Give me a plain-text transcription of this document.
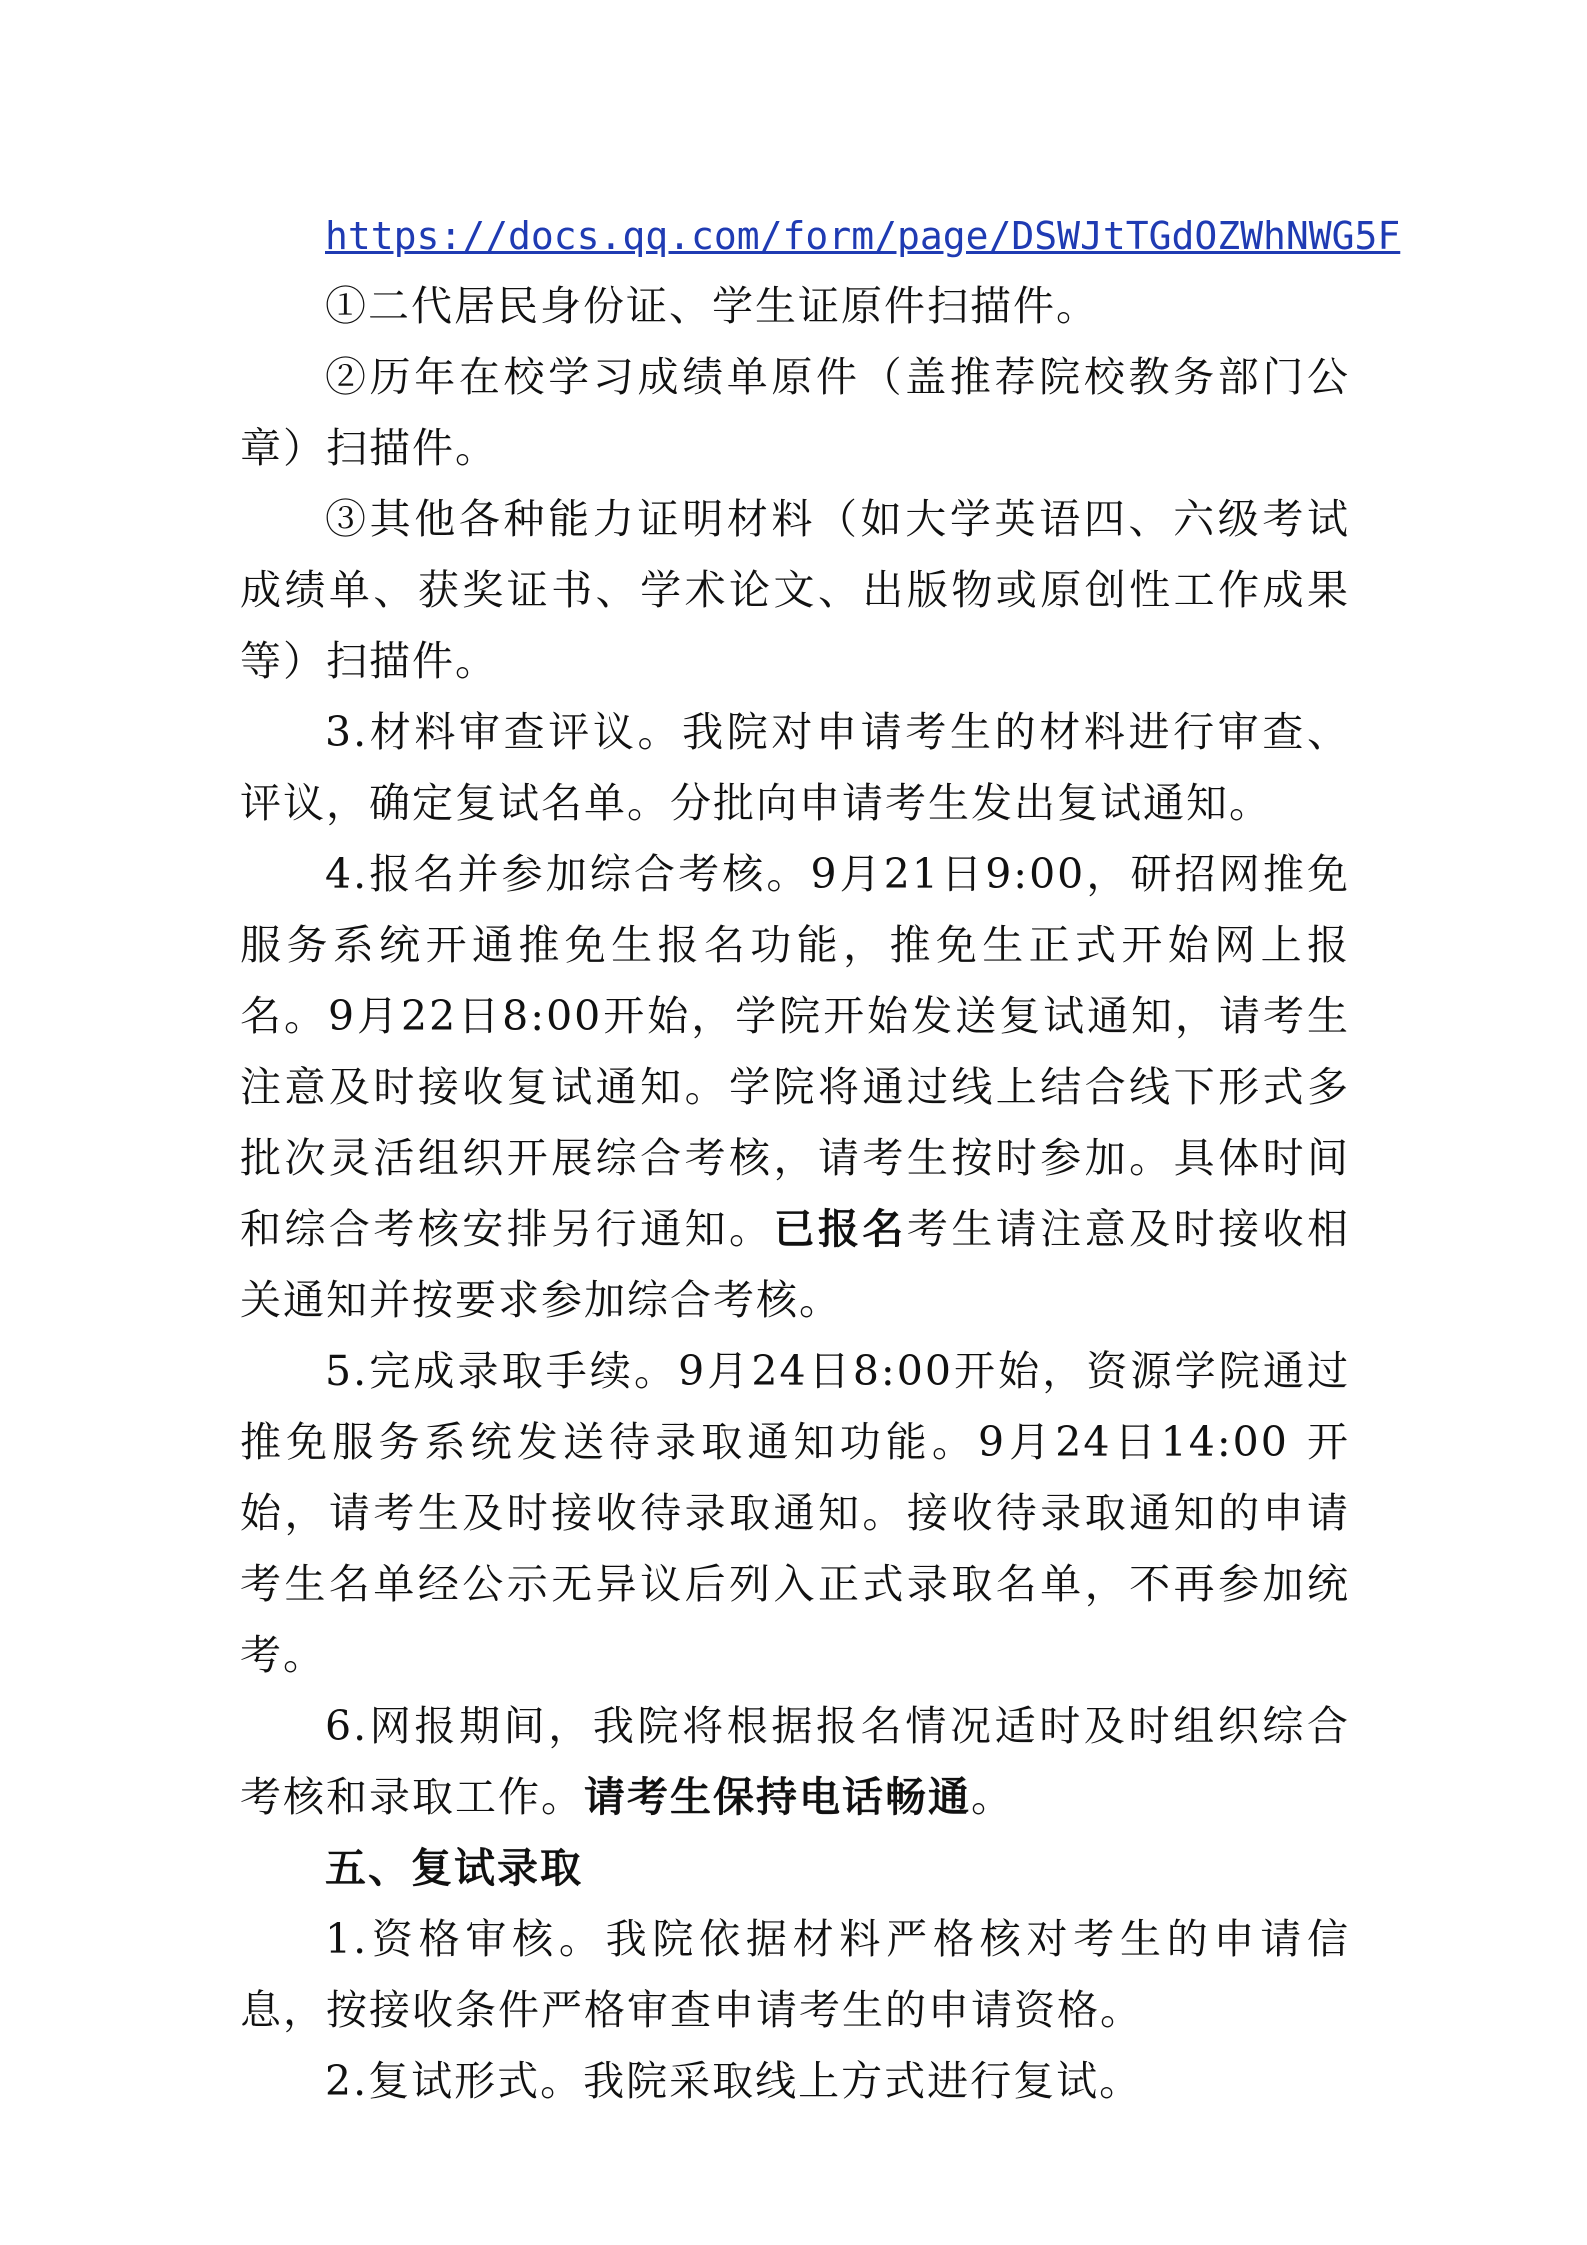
https://docs.qq.com/form/page/DSWJtTGdOZWhNWG5F

①二代居民身份证、学生证原件扫描件。

②历年在校学习成绩单原件（盖推荐院校教务部门公章）扫描件。

③其他各种能力证明材料（如大学英语四、六级考试成绩单、获奖证书、学术论文、出版物或原创性工作成果等）扫描件。

3.材料审查评议。我院对申请考生的材料进行审查、评议，确定复试名单。分批向申请考生发出复试通知。

4.报名并参加综合考核。9月21日9:00，研招网推免服务系统开通推免生报名功能，推免生正式开始网上报名。9月22日8:00开始，学院开始发送复试通知，请考生注意及时接收复试通知。学院将通过线上结合线下形式多批次灵活组织开展综合考核，请考生按时参加。具体时间和综合考核安排另行通知。已报名考生请注意及时接收相关通知并按要求参加综合考核。

5.完成录取手续。9月24日8:00开始，资源学院通过推免服务系统发送待录取通知功能。9月24日14:00 开始，请考生及时接收待录取通知。接收待录取通知的申请考生名单经公示无异议后列入正式录取名单，不再参加统考。

6.网报期间，我院将根据报名情况适时及时组织综合考核和录取工作。请考生保持电话畅通。

五、复试录取

1.资格审核。我院依据材料严格核对考生的申请信息，按接收条件严格审查申请考生的申请资格。

2.复试形式。我院采取线上方式进行复试。
